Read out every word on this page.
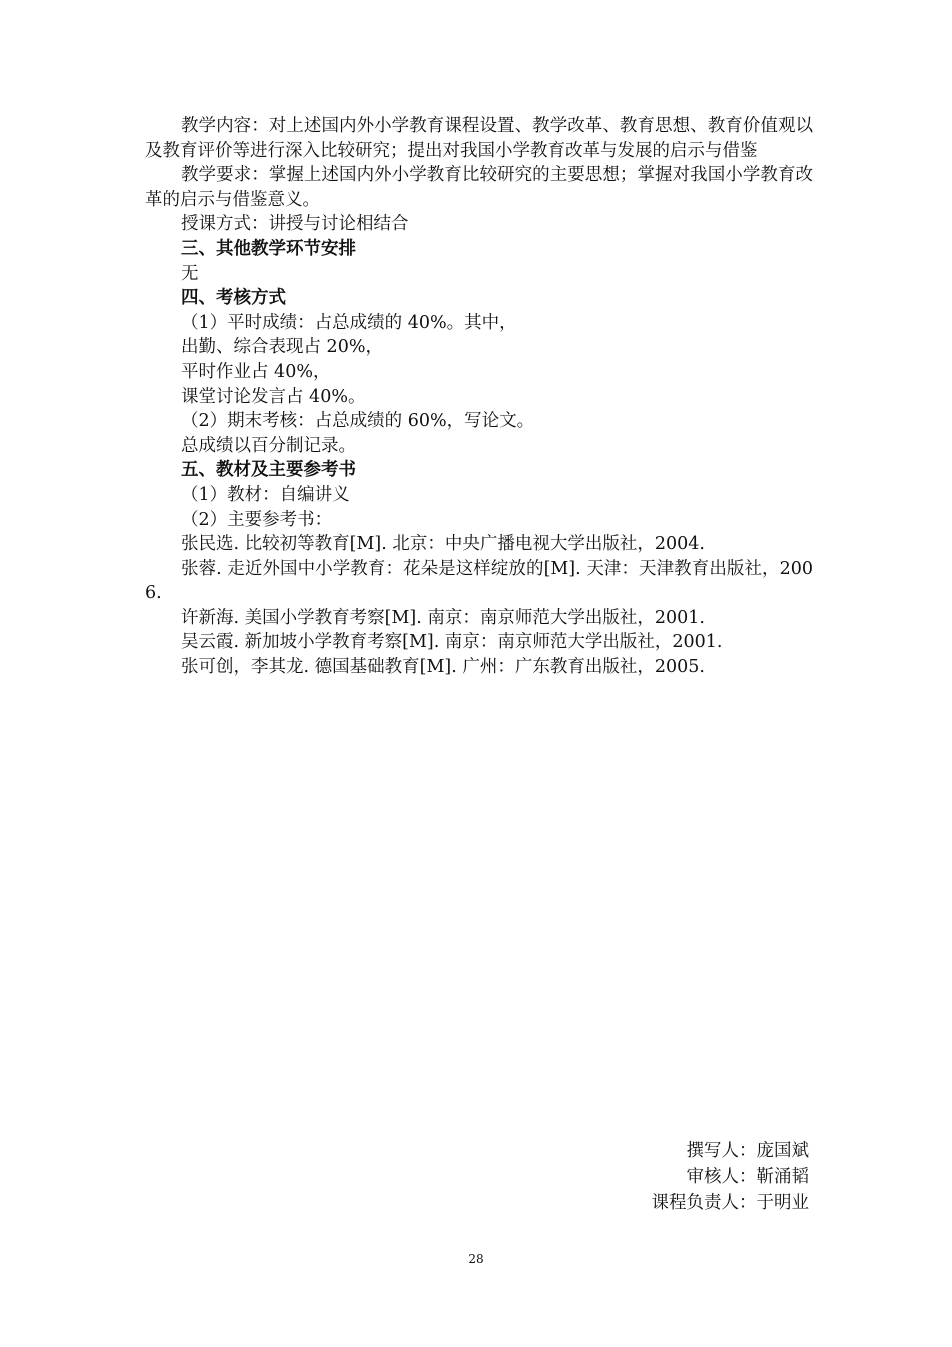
教学内容：对上述国内外小学教育课程设置、教学改革、教育思想、教育价值观以及教育评价等进行深入比较研究；提出对我国小学教育改革与发展的启示与借鉴

教学要求：掌握上述国内外小学教育比较研究的主要思想；掌握对我国小学教育改革的启示与借鉴意义。

授课方式：讲授与讨论相结合

三、其他教学环节安排

无

四、考核方式

（1）平时成绩：占总成绩的 40%。其中，

出勤、综合表现占 20%，

平时作业占 40%，

课堂讨论发言占 40%。

（2）期末考核：占总成绩的 60%，写论文。

总成绩以百分制记录。

五、教材及主要参考书

（1）教材：自编讲义

（2）主要参考书：

张民选. 比较初等教育[M]. 北京：中央广播电视大学出版社，2004.

张蓉. 走近外国中小学教育：花朵是这样绽放的[M]. 天津：天津教育出版社，2006.

许新海. 美国小学教育考察[M]. 南京：南京师范大学出版社，2001.

吴云霞. 新加坡小学教育考察[M]. 南京：南京师范大学出版社，2001.

张可创，李其龙. 德国基础教育[M]. 广州：广东教育出版社，2005.

撰写人：庞国斌
审核人：靳涌韬
课程负责人：于明业
28
